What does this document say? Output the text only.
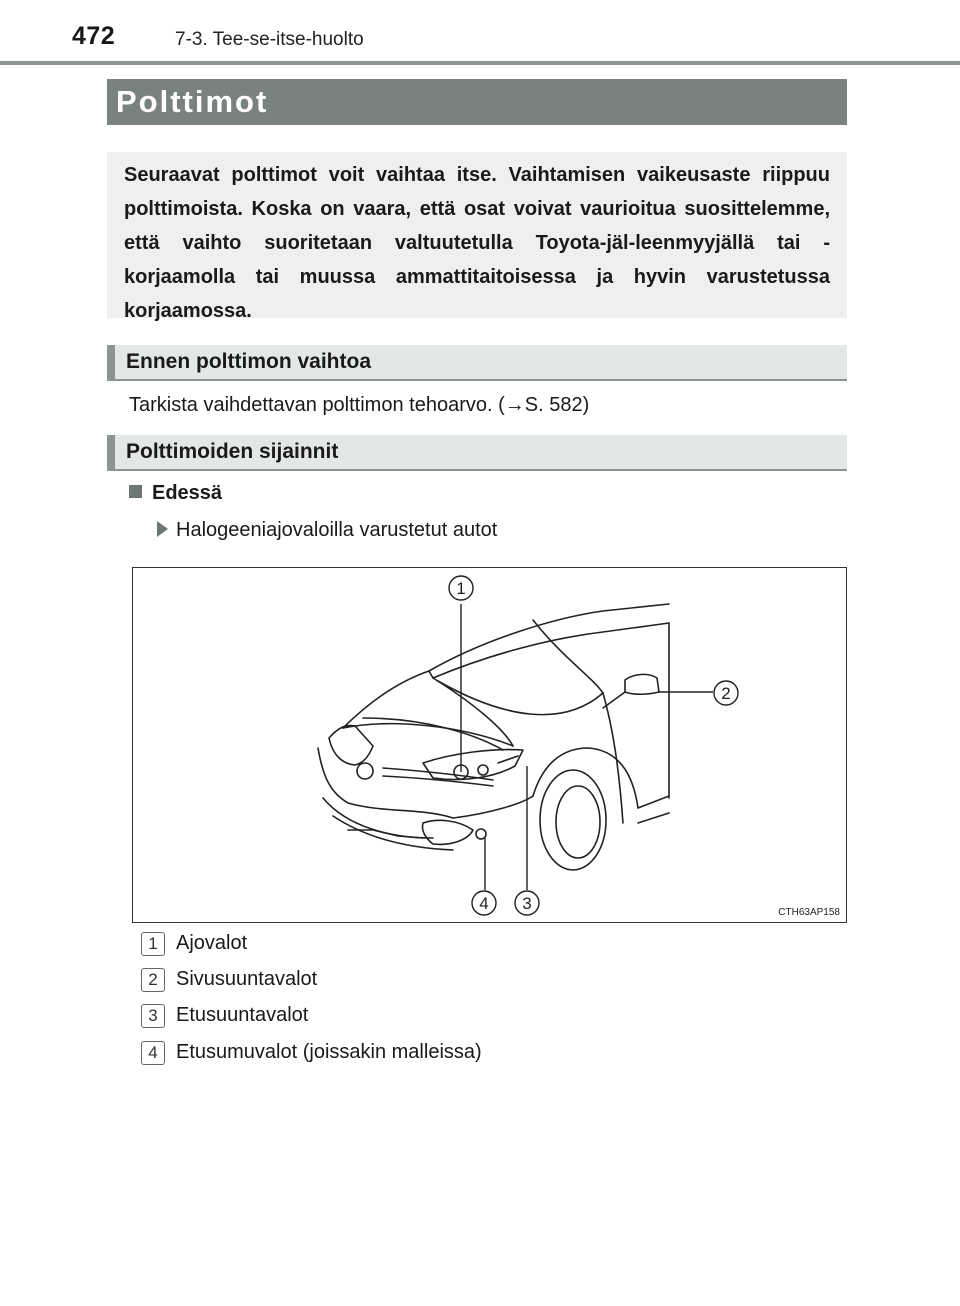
472	7-3. Tee-se-itse-huolto
Polttimot
Seuraavat polttimot voit vaihtaa itse. Vaihtamisen vaikeusaste riippuu polttimoista. Koska on vaara, että osat voivat vaurioitua suosittelemme, että vaihto suoritetaan valtuutetulla Toyota-jäl-leenmyyjällä tai -korjaamolla tai muussa ammattitaitoisessa ja hyvin varustetussa korjaamossa.
Ennen polttimon vaihtoa
Tarkista vaihdettavan polttimon tehoarvo. (→S. 582)
Polttimoiden sijainnit
Edessä
Halogeeniajovaloilla varustetut autot
1
2
3
4	CTH63AP158
1 Ajovalot
2 Sivusuuntavalot
3 Etusuuntavalot
4 Etusumuvalot (joissakin malleissa)
